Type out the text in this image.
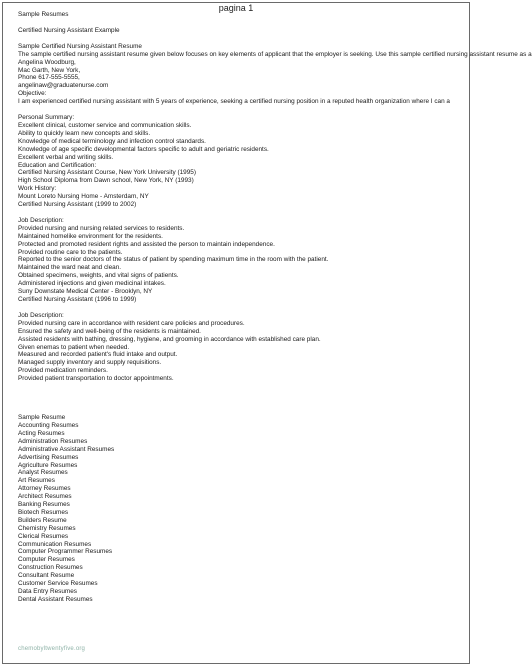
pagina 1
Sample Resumes
Certified Nursing Assistant Example
Sample Certified Nursing Assistant Resume
The sample certified nursing assistant resume given below focuses on key elements of applicant that the employer is seeking. Use this sample certified nursing assistant resume as a
Angelina Woodburg,
Mac Garth, New York,
Phone 617-555-5555,
angelinaw@graduatenurse.com
Objective:
I am experienced certified nursing assistant with 5 years of experience, seeking a certified nursing position in a reputed health organization where I can a
Personal Summary:
Excellent clinical, customer service and communication skills.
Ability to quickly learn new concepts and skills.
Knowledge of medical terminology and infection control standards.
Knowledge of age specific developmental factors specific to adult and geriatric residents.
Excellent verbal and writing skills.
Education and Certification:
Certified Nursing Assistant Course, New York University (1995)
High School Diploma from Dawn school, New York, NY (1993)
Work History:
Mount Loreto Nursing Home - Amsterdam, NY
Certified Nursing Assistant (1999 to 2002)
Job Description:
Provided nursing and nursing related services to residents.
Maintained homelike environment for the residents.
Protected and promoted resident rights and assisted the person to maintain independence.
Provided routine care to the patients.
Reported to the senior doctors of the status of patient by spending maximum time in the room with the patient.
Maintained the ward neat and clean.
Obtained specimens, weights, and vital signs of patients.
Administered injections and given medicinal intakes.
Suny Downstate Medical Center - Brooklyn, NY
Certified Nursing Assistant (1996 to 1999)
Job Description:
Provided nursing care in accordance with resident care policies and procedures.
Ensured the safety and well-being of the residents is maintained.
Assisted residents with bathing, dressing, hygiene, and grooming in accordance with established care plan.
Given enemas to patient when needed.
Measured and recorded patient's fluid intake and output.
Managed supply inventory and supply requisitions.
Provided medication reminders.
Provided patient transportation to doctor appointments.
Sample Resume
Accounting Resumes
Acting Resumes
Administration Resumes
Administrative Assistant Resumes
Advertising Resumes
Agriculture Resumes
Analyst Resumes
Art Resumes
Attorney Resumes
Architect Resumes
Banking Resumes
Biotech Resumes
Builders Resume
Chemistry Resumes
Clerical Resumes
Communication Resumes
Computer Programmer Resumes
Computer Resumes
Construction Resumes
Consultant Resume
Customer Service Resumes
Data Entry Resumes
Dental Assistant Resumes
chemobyltwentyfive.org
